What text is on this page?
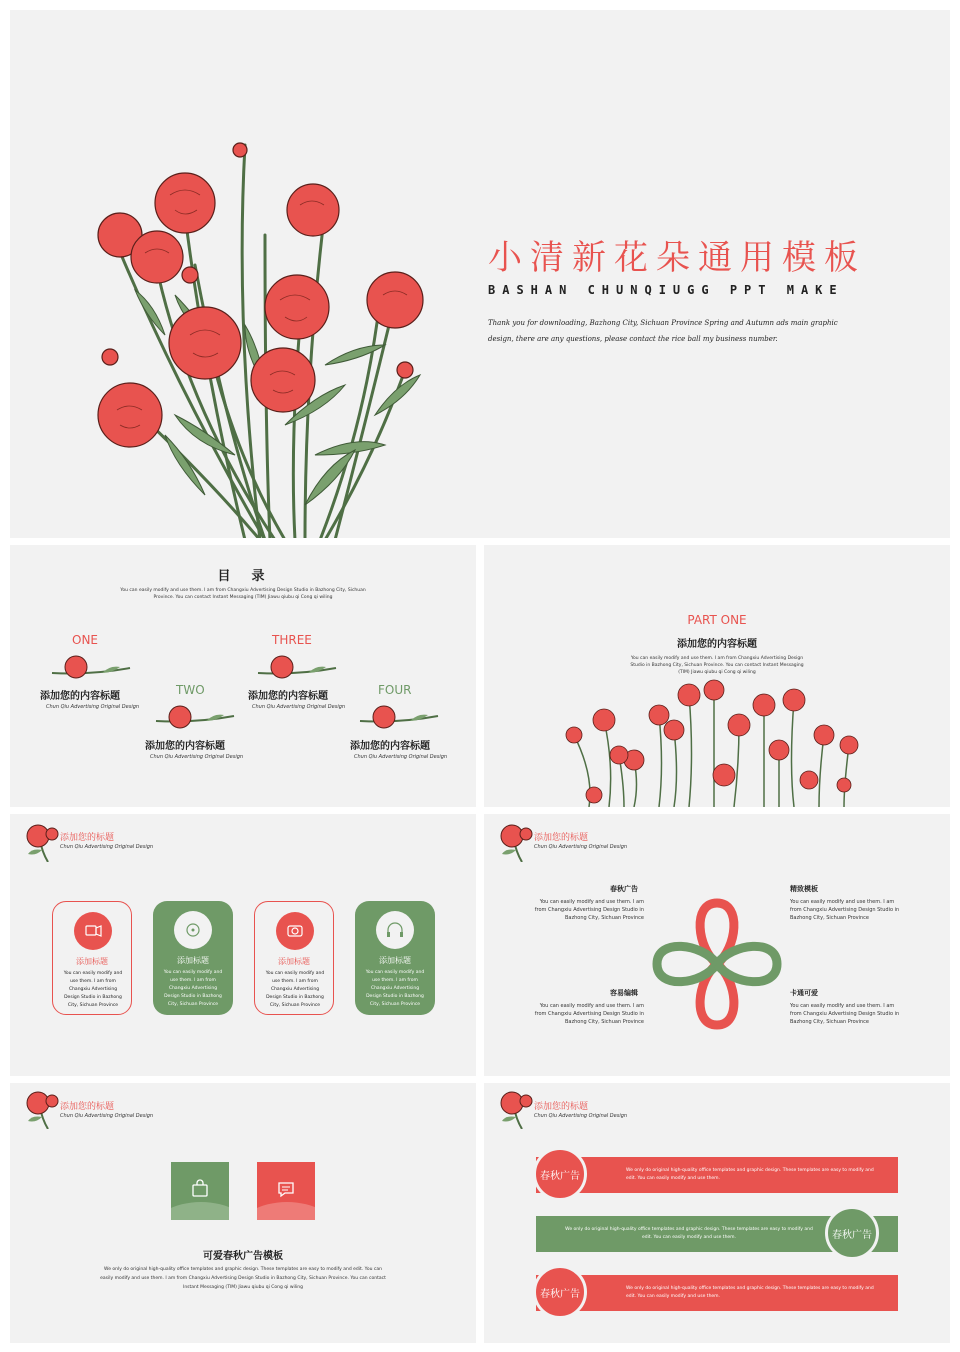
小清新花朵通用模板
BASHAN CHUNQIUGG PPT MAKE
Thank you for downloading, Bazhong City, Sichuan Province Spring and Autumn ads main graphic design, there are any questions, please contact the rice ball my business number.
目　录
You can easily modify and use them. I am from Changxiu Advertising Design Studio in Bazhong City, Sichuan Province. You can contact Instant Messaging (TIM) Jiawu qiubu qi Cong qi wiling
ONE
添加您的内容标题
Chun Qiu Advertising Original Design
TWO
添加您的内容标题
Chun Qiu Advertising Original Design
THREE
添加您的内容标题
Chun Qiu Advertising Original Design
FOUR
添加您的内容标题
Chun Qiu Advertising Original Design
PART ONE
添加您的内容标题
You can easily modify and use them. I am from Changxiu Advertising Design Studio in Bazhong City, Sichuan Province. You can contact Instant Messaging (TIM) Jiawu qiubu qi Cong qi wiling
添加您的标题
Chun Qiu Advertising Original Design
添加标题
You can easily modify and use them. I am from Changxiu Advertising Design Studio in Bazhong City, Sichuan Province
添加标题
You can easily modify and use them. I am from Changxiu Advertising Design Studio in Bazhong City, Sichuan Province
添加标题
You can easily modify and use them. I am from Changxiu Advertising Design Studio in Bazhong City, Sichuan Province
添加标题
You can easily modify and use them. I am from Changxiu Advertising Design Studio in Bazhong City, Sichuan Province
添加您的标题
Chun Qiu Advertising Original Design
春秋广告
You can easily modify and use them. I am from Changxiu Advertising Design Studio in Bazhong City, Sichuan Province
精致模板
You can easily modify and use them. I am from Changxiu Advertising Design Studio in Bazhong City, Sichuan Province
容易编辑
You can easily modify and use them. I am from Changxiu Advertising Design Studio in Bazhong City, Sichuan Province
卡通可爱
You can easily modify and use them. I am from Changxiu Advertising Design Studio in Bazhong City, Sichuan Province
添加您的标题
Chun Qiu Advertising Original Design
可爱春秋广告模板
We only do original high-quality office templates and graphic design. These templates are easy to modify and edit. You can easily modify and use them. I am from Changxiu Advertising Design Studio in Bazhong City, Sichuan Province. You can contact Instant Messaging (TIM) Jiawu qiubu qi Cong qi wiling
添加您的标题
Chun Qiu Advertising Original Design
We only do original high-quality office templates and graphic design. These templates are easy to modify and edit. You can easily modify and use them.
春秋广告
We only do original high-quality office templates and graphic design. These templates are easy to modify and edit. You can easily modify and use them.	春秋广告
We only do original high-quality office templates and graphic design. These templates are easy to modify and edit. You can easily modify and use them.
春秋广告
